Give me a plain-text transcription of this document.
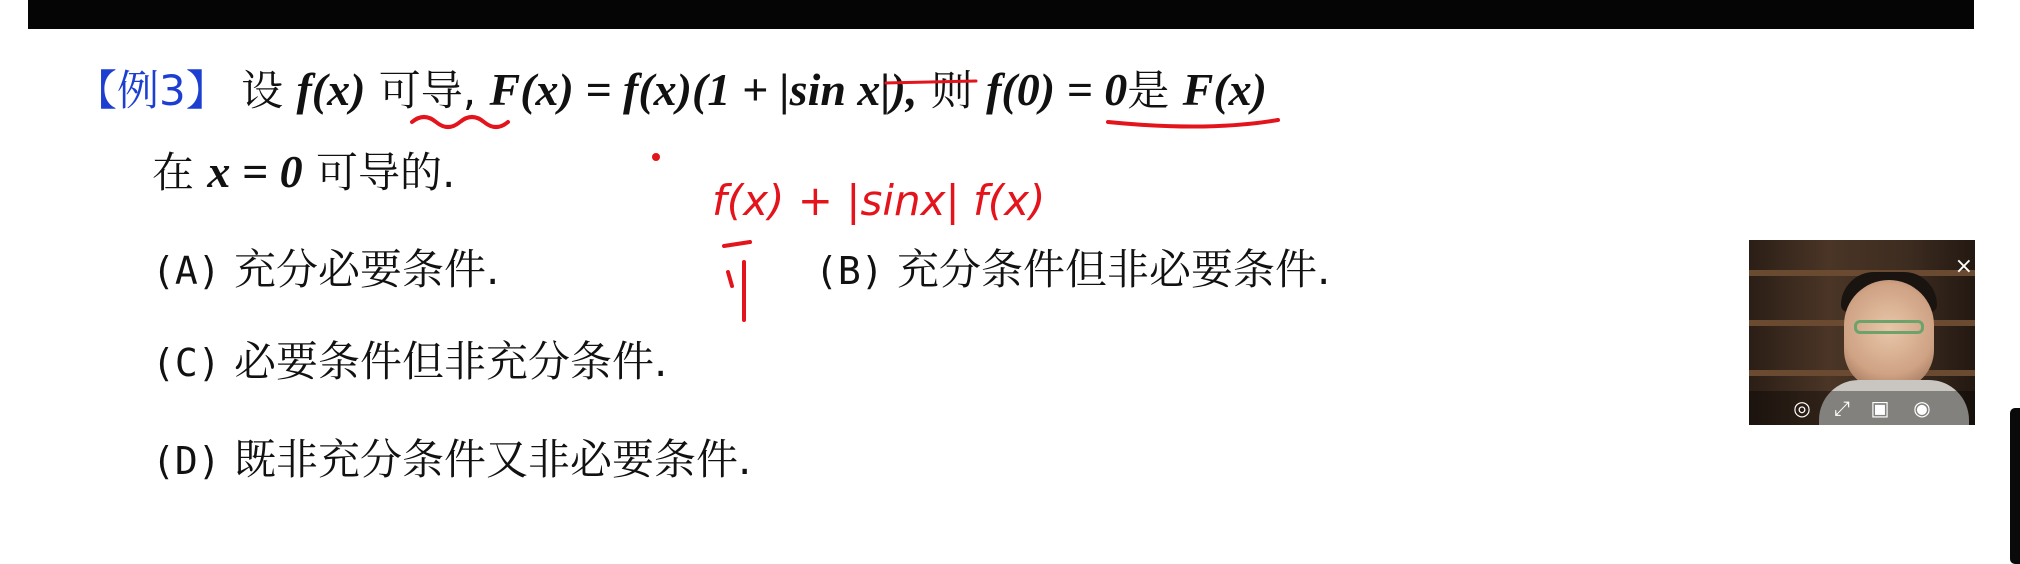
【例3】 设 f(x) 可导, F(x) = f(x)(1 + |sin x|), 则 f(0) = 0是 F(x)
在 x = 0 可导的.
(A) 充分必要条件.	(B) 充分条件但非必要条件.
(C) 必要条件但非充分条件.
(D) 既非充分条件又非必要条件.
f(x) + |sinx| f(x)
◎ ⤢ ▣ ◉
×
